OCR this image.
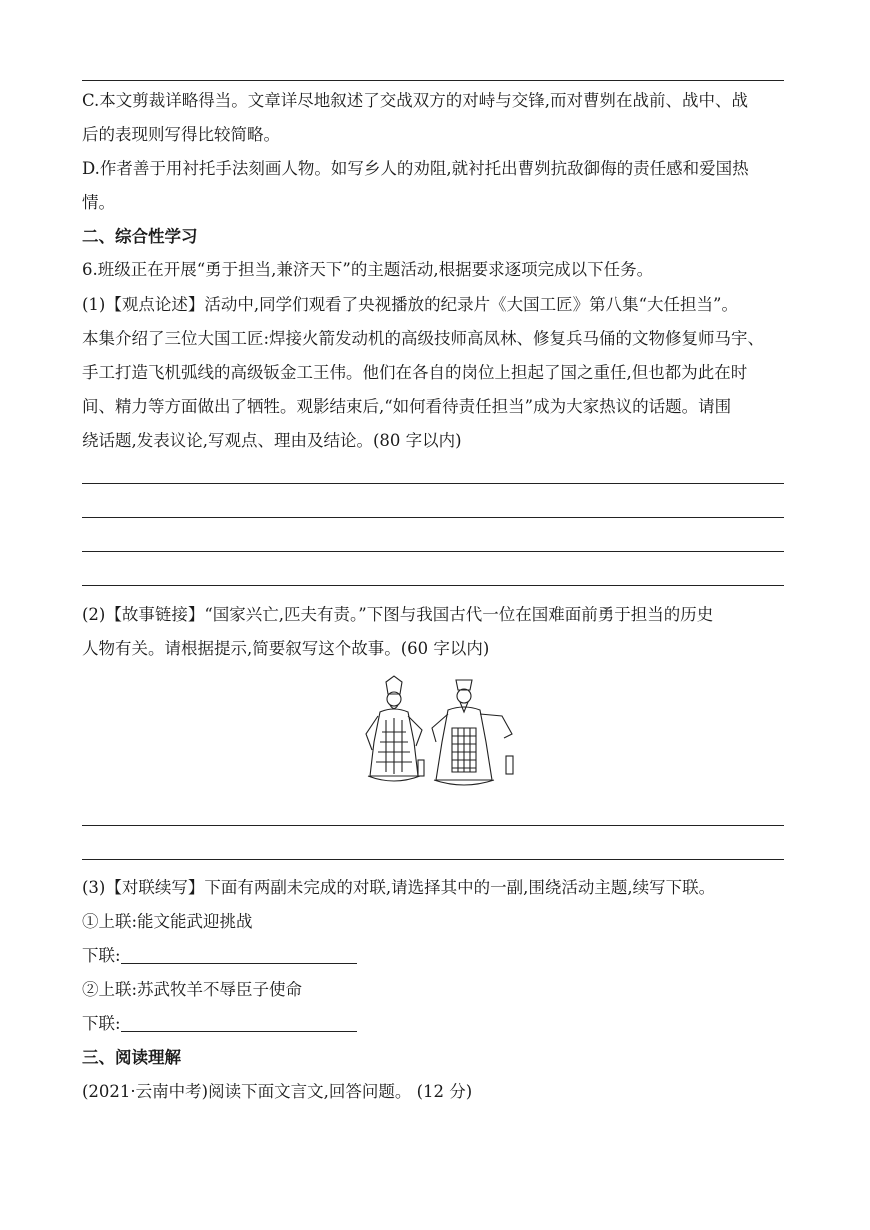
C.本文剪裁详略得当。文章详尽地叙述了交战双方的对峙与交锋,而对曹刿在战前、战中、战
后的表现则写得比较简略。
D.作者善于用衬托手法刻画人物。如写乡人的劝阻,就衬托出曹刿抗敌御侮的责任感和爱国热
情。
二、综合性学习
6.班级正在开展“勇于担当,兼济天下”的主题活动,根据要求逐项完成以下任务。
(1)【观点论述】活动中,同学们观看了央视播放的纪录片《大国工匠》第八集“大任担当”。
本集介绍了三位大国工匠:焊接火箭发动机的高级技师高凤林、修复兵马俑的文物修复师马宇、
手工打造飞机弧线的高级钣金工王伟。他们在各自的岗位上担起了国之重任,但也都为此在时
间、精力等方面做出了牺牲。观影结束后,“如何看待责任担当”成为大家热议的话题。请围
绕话题,发表议论,写观点、理由及结论。(80 字以内)
(2)【故事链接】“国家兴亡,匹夫有责。”下图与我国古代一位在国难面前勇于担当的历史
人物有关。请根据提示,简要叙写这个故事。(60 字以内)
(3)【对联续写】下面有两副未完成的对联,请选择其中的一副,围绕活动主题,续写下联。
①上联:能文能武迎挑战
下联:
②上联:苏武牧羊不辱臣子使命
下联:
三、阅读理解
(2021·云南中考)阅读下面文言文,回答问题。 (12 分)
